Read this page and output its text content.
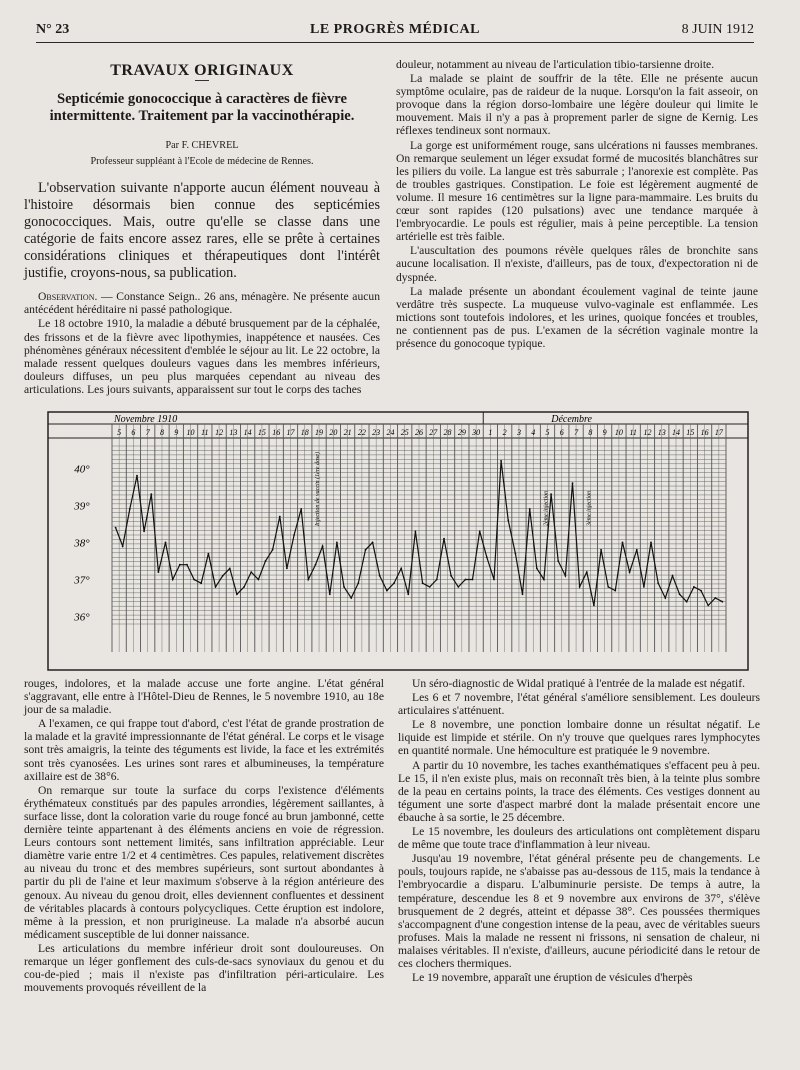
N° 23	LE PROGRÈS MÉDICAL	8 JUIN 1912
TRAVAUX ORIGINAUX
Septicémie gonococcique à caractères de fièvre intermittente. Traitement par la vaccinothérapie.
Par F. CHEVREL
Professeur suppléant à l'Ecole de médecine de Rennes.

L'observation suivante n'apporte aucun élément nouveau à l'histoire désormais bien connue des septicémies gonococciques. Mais, outre qu'elle se classe dans une catégorie de faits encore assez rares, elle se prête à certaines considérations cliniques et thérapeutiques dont l'intérêt justifie, croyons-nous, sa publication.

Observation. — Constance Seign.. 26 ans, ménagère. Ne présente aucun antécédent héréditaire ni passé pathologique.

Le 18 octobre 1910, la maladie a débuté brusquement par de la céphalée, des frissons et de la fièvre avec lipothymies, inappétence et nausées. Ces phénomènes généraux nécessitent d'emblée le séjour au lit. Le 22 octobre, la malade ressent quelques douleurs vagues dans les membres inférieurs, douleurs diffuses, un peu plus marquées cependant au niveau des articulations. Les jours suivants, apparaissent sur tout le corps des taches

douleur, notamment au niveau de l'articulation tibio-tarsienne droite.

La malade se plaint de souffrir de la tête. Elle ne présente aucun symptôme oculaire, pas de raideur de la nuque. Lorsqu'on la fait asseoir, on provoque dans la région dorso-lombaire une légère douleur qui limite le mouvement. Mais il n'y a pas à proprement parler de signe de Kernig. Les réflexes tendineux sont normaux.

La gorge est uniformément rouge, sans ulcérations ni fausses membranes. On remarque seulement un léger exsudat formé de mucosités blanchâtres sur les piliers du voile. La langue est très saburrale ; l'anorexie est complète. Pas de troubles gastriques. Constipation. Le foie est légèrement augmenté de volume. Il mesure 16 centimètres sur la ligne para-mammaire. Les bruits du cœur sont rapides (120 pulsations) avec une tendance marquée à l'embryocardie. Le pouls est régulier, mais à peine perceptible. La tension artérielle est très faible.

L'auscultation des poumons révèle quelques râles de bronchite sans aucune localisation. Il n'existe, d'ailleurs, pas de toux, d'expectoration ni de dyspnée.

La malade présente un abondant écoulement vaginal de teinte jaune verdâtre très suspecte. La muqueuse vulvo-vaginale est enflammée. Les mictions sont toutefois indolores, et les urines, quoique foncées et troubles, ne contiennent pas de pus. L'examen de la sécrétion vaginale montre la présence du gonocoque typique.

Novembre 1910	Décembre
5 6 7 8 9 10 11 12 13 14 15 16 17 18 19 20 21 22 23 24 25 26 27 28 29 30 1 2 3 4 5 6 7 8 9 10 11 12 13 14 15 16 17
40°
39°
38°
37°
36°
Injection de vaccin (1ère dose)	2ème injection	3ème injection

rouges, indolores, et la malade accuse une forte angine. L'état général s'aggravant, elle entre à l'Hôtel-Dieu de Rennes, le 5 novembre 1910, au 18e jour de sa maladie.

A l'examen, ce qui frappe tout d'abord, c'est l'état de grande prostration de la malade et la gravité impressionnante de l'état général. Le corps et le visage sont très amaigris, la teinte des téguments est livide, la face et les extrémités sont très cyanosées. Les urines sont rares et albumineuses, la température axillaire est de 38°6.

On remarque sur toute la surface du corps l'existence d'éléments érythémateux constitués par des papules arrondies, légèrement saillantes, à surface lisse, dont la coloration varie du rouge foncé au brun jambonné, cette dernière teinte appartenant à des éléments anciens en voie de régression. Leurs contours sont nettement limités, sans infiltration appréciable. Leur diamètre varie entre 1/2 et 4 centimètres. Ces papules, relativement discrètes au niveau du tronc et des membres supérieurs, sont surtout abondantes à partir du pli de l'aine et leur maximum s'observe à la région antérieure des genoux. Au niveau du genou droit, elles deviennent confluentes et dessinent de véritables placards à contours polycycliques. Cette éruption est indolore, même à la pression, et non prurigineuse. La malade n'a absorbé aucun médicament susceptible de lui donner naissance.

Les articulations du membre inférieur droit sont douloureuses. On remarque un léger gonflement des culs-de-sacs synoviaux du genou et du cou-de-pied ; mais il n'existe pas d'infiltration péri-articulaire. Les mouvements provoqués réveillent de la

Un séro-diagnostic de Widal pratiqué à l'entrée de la malade est négatif.

Les 6 et 7 novembre, l'état général s'améliore sensiblement. Les douleurs articulaires s'atténuent.

Le 8 novembre, une ponction lombaire donne un résultat négatif. Le liquide est limpide et stérile. On n'y trouve que quelques rares lymphocytes en quantité normale. Une hémoculture est pratiquée le 9 novembre.

A partir du 10 novembre, les taches exanthématiques s'effacent peu à peu. Le 15, il n'en existe plus, mais on reconnaît très bien, à la teinte plus sombre de la peau en certains points, la trace des éléments. Ces vestiges donnent au tégument une sorte d'aspect marbré dont la malade présentait encore une ébauche à sa sortie, le 25 décembre.

Le 15 novembre, les douleurs des articulations ont complètement disparu de même que toute trace d'inflammation à leur niveau.

Jusqu'au 19 novembre, l'état général présente peu de changements. Le pouls, toujours rapide, ne s'abaisse pas au-dessous de 115, mais la tendance à l'embryocardie a disparu. L'albuminurie persiste. De temps à autre, la température, descendue les 8 et 9 novembre aux environs de 37°, s'élève brusquement de 2 degrés, atteint et dépasse 38°. Ces poussées thermiques s'accompagnent d'une congestion intense de la peau, avec de véritables sueurs profuses. Mais la malade ne ressent ni frissons, ni sensation de chaleur, ni malaises véritables. Il n'existe, d'ailleurs, aucune périodicité dans le retour de ces clochers thermiques.

Le 19 novembre, apparaît une éruption de vésicules d'herpès
